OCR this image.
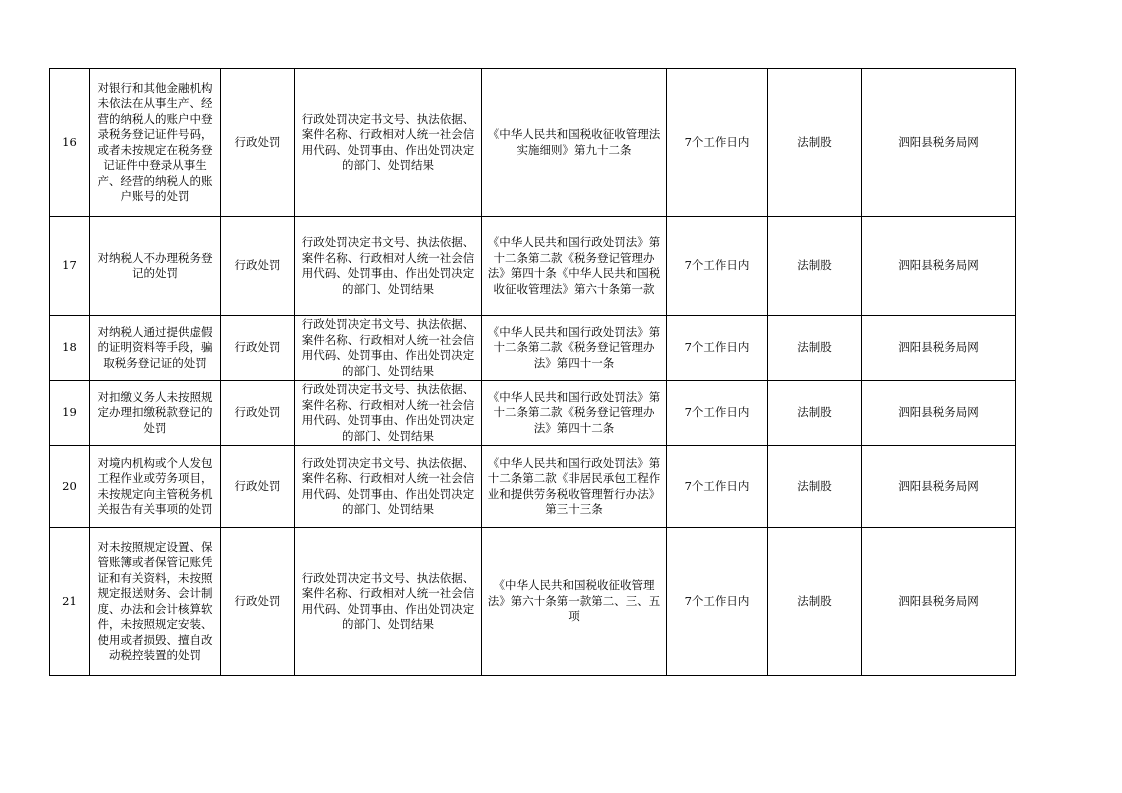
16	对银行和其他金融机构未依法在从事生产、经营的纳税人的账户中登录税务登记证件号码，或者未按规定在税务登记证件中登录从事生产、经营的纳税人的账户账号的处罚	行政处罚	行政处罚决定书文号、执法依据、案件名称、行政相对人统一社会信用代码、处罚事由、作出处罚决定的部门、处罚结果	《中华人民共和国税收征收管理法实施细则》第九十二条	7个工作日内	法制股	泗阳县税务局网
17	对纳税人不办理税务登记的处罚	行政处罚	行政处罚决定书文号、执法依据、案件名称、行政相对人统一社会信用代码、处罚事由、作出处罚决定的部门、处罚结果	《中华人民共和国行政处罚法》第十二条第二款《税务登记管理办法》第四十条《中华人民共和国税收征收管理法》第六十条第一款	7个工作日内	法制股	泗阳县税务局网
18	对纳税人通过提供虚假的证明资料等手段，骗取税务登记证的处罚	行政处罚	行政处罚决定书文号、执法依据、案件名称、行政相对人统一社会信用代码、处罚事由、作出处罚决定的部门、处罚结果	《中华人民共和国行政处罚法》第十二条第二款《税务登记管理办法》第四十一条	7个工作日内	法制股	泗阳县税务局网
19	对扣缴义务人未按照规定办理扣缴税款登记的处罚	行政处罚	行政处罚决定书文号、执法依据、案件名称、行政相对人统一社会信用代码、处罚事由、作出处罚决定的部门、处罚结果	《中华人民共和国行政处罚法》第十二条第二款《税务登记管理办法》第四十二条	7个工作日内	法制股	泗阳县税务局网
20	对境内机构或个人发包工程作业或劳务项目，未按规定向主管税务机关报告有关事项的处罚	行政处罚	行政处罚决定书文号、执法依据、案件名称、行政相对人统一社会信用代码、处罚事由、作出处罚决定的部门、处罚结果	《中华人民共和国行政处罚法》第十二条第二款《非居民承包工程作业和提供劳务税收管理暂行办法》第三十三条	7个工作日内	法制股	泗阳县税务局网
21	对未按照规定设置、保管账簿或者保管记账凭证和有关资料，未按照规定报送财务、会计制度、办法和会计核算软件，未按照规定安装、使用或者损毁、擅自改动税控装置的处罚	行政处罚	行政处罚决定书文号、执法依据、案件名称、行政相对人统一社会信用代码、处罚事由、作出处罚决定的部门、处罚结果	《中华人民共和国税收征收管理法》第六十条第一款第二、三、五项	7个工作日内	法制股	泗阳县税务局网
